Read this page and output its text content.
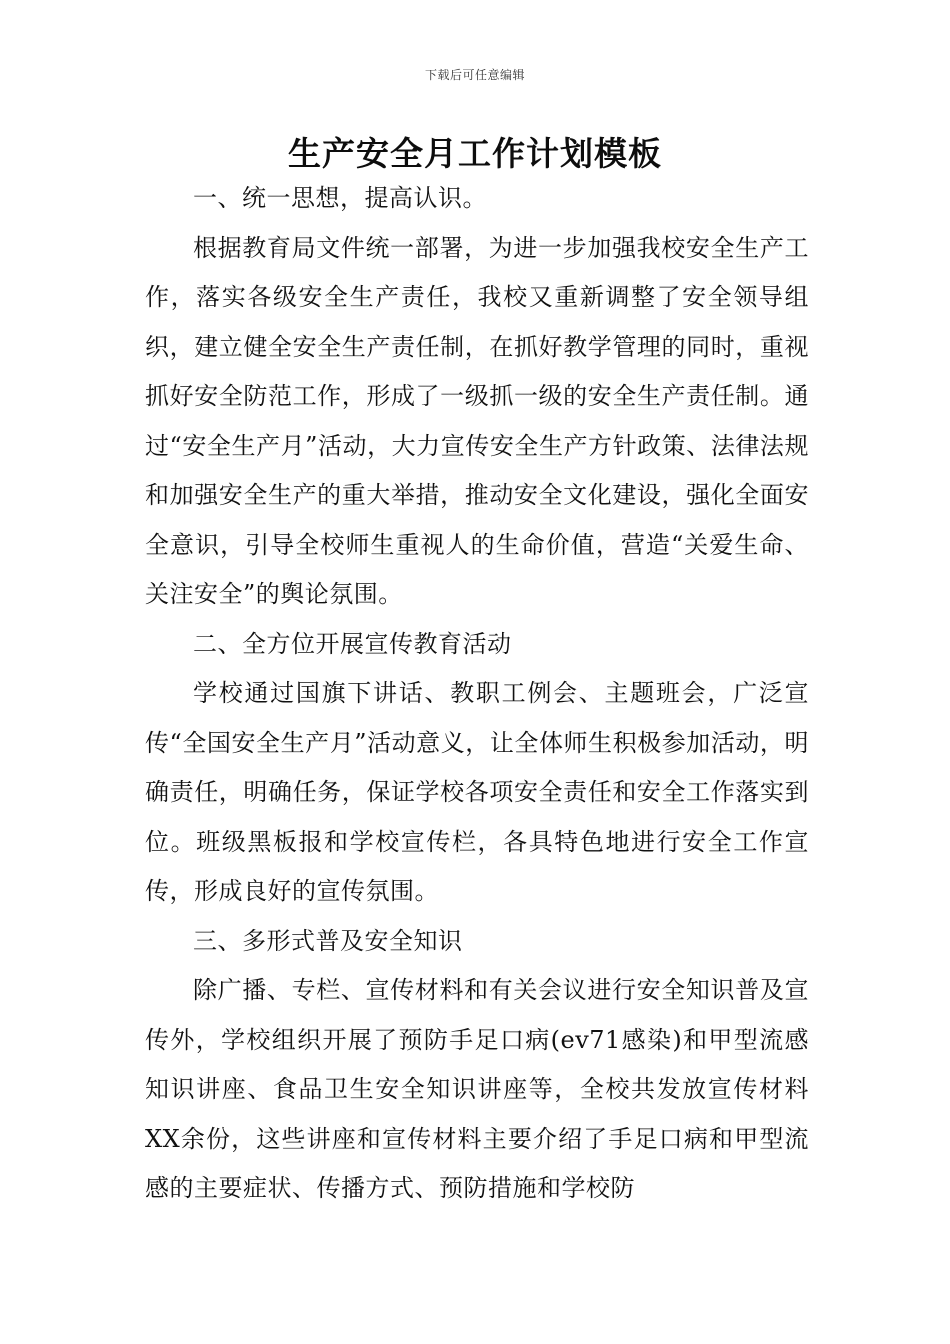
下载后可任意编辑
生产安全月工作计划模板

一、统一思想，提高认识。

根据教育局文件统一部署，为进一步加强我校安全生产工作，落实各级安全生产责任，我校又重新调整了安全领导组织，建立健全安全生产责任制，在抓好教学管理的同时，重视抓好安全防范工作，形成了一级抓一级的安全生产责任制。通过“安全生产月”活动，大力宣传安全生产方针政策、法律法规和加强安全生产的重大举措，推动安全文化建设，强化全面安全意识，引导全校师生重视人的生命价值，营造“关爱生命、关注安全”的舆论氛围。

二、全方位开展宣传教育活动

学校通过国旗下讲话、教职工例会、主题班会，广泛宣传“全国安全生产月”活动意义，让全体师生积极参加活动，明确责任，明确任务，保证学校各项安全责任和安全工作落实到位。班级黑板报和学校宣传栏，各具特色地进行安全工作宣传，形成良好的宣传氛围。

三、多形式普及安全知识

除广播、专栏、宣传材料和有关会议进行安全知识普及宣传外，学校组织开展了预防手足口病(ev71感染)和甲型流感知识讲座、食品卫生安全知识讲座等，全校共发放宣传材料XX余份，这些讲座和宣传材料主要介绍了手足口病和甲型流感的主要症状、传播方式、预防措施和学校防
